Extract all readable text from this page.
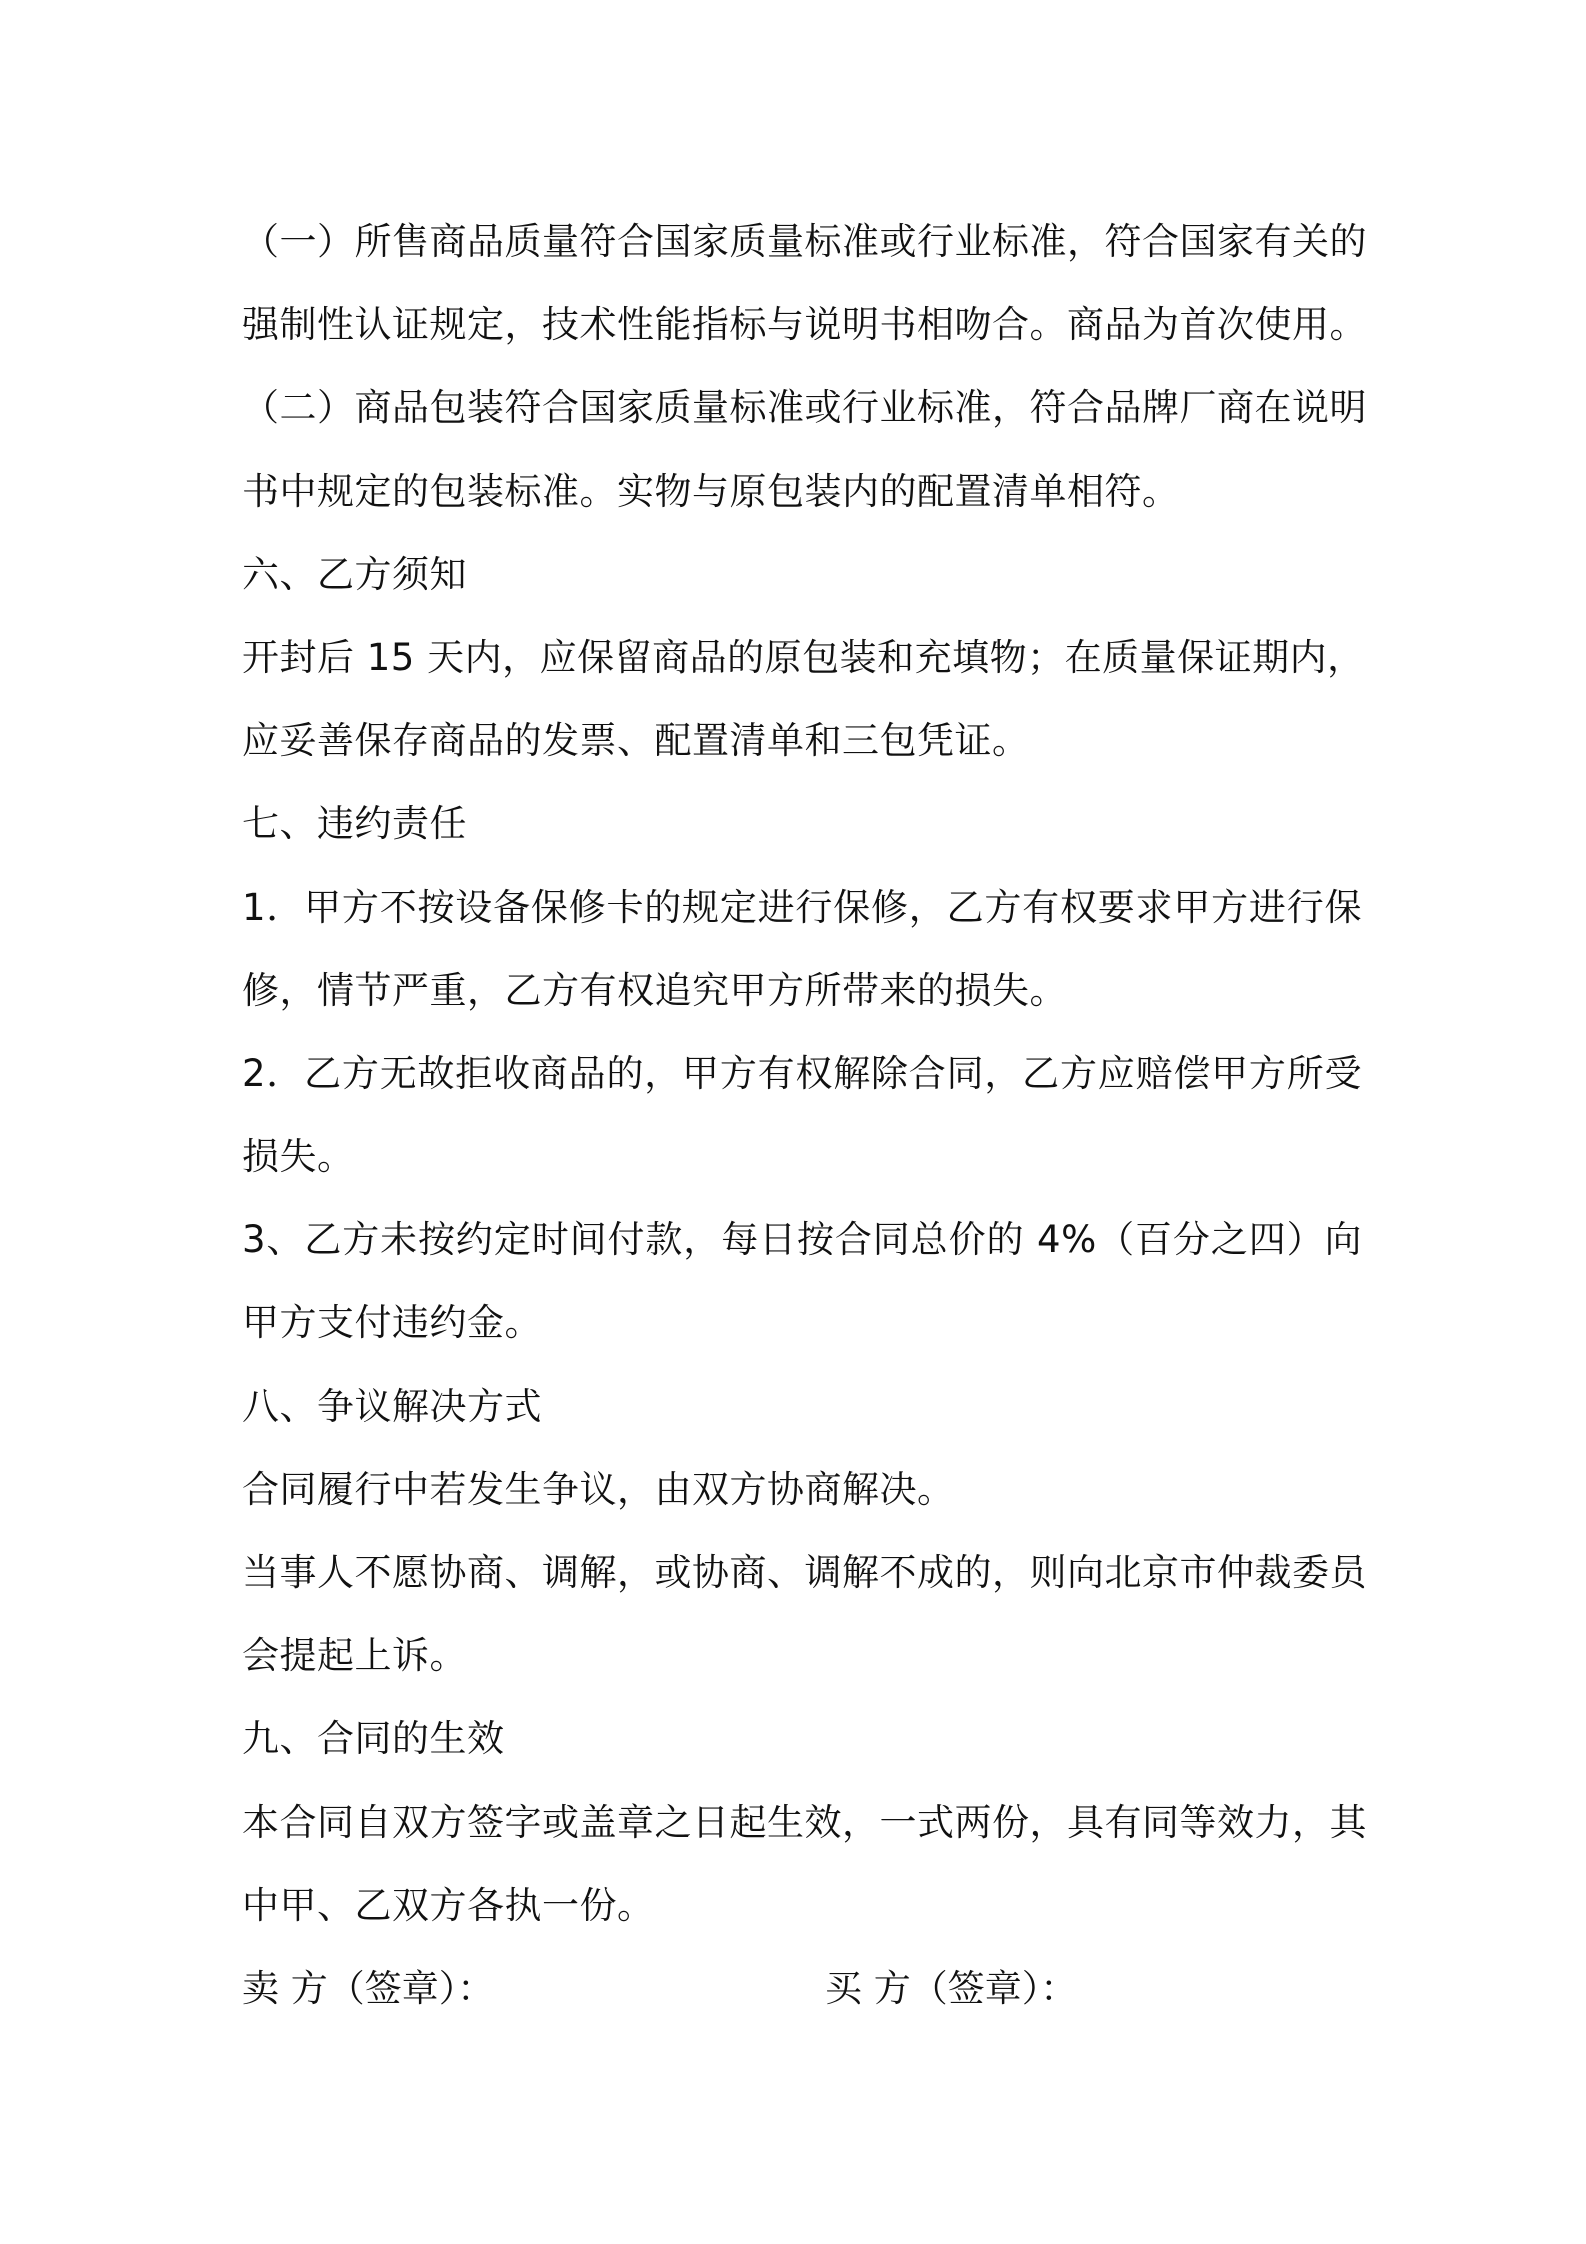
（一）所售商品质量符合国家质量标准或行业标准，符合国家有关的
强制性认证规定，技术性能指标与说明书相吻合。商品为首次使用。
（二）商品包装符合国家质量标准或行业标准，符合品牌厂商在说明
书中规定的包装标准。实物与原包装内的配置清单相符。
六、乙方须知
开封后 15 天内，应保留商品的原包装和充填物；在质量保证期内，
应妥善保存商品的发票、配置清单和三包凭证。
七、违约责任
1．甲方不按设备保修卡的规定进行保修，乙方有权要求甲方进行保
修，情节严重，乙方有权追究甲方所带来的损失。
2．乙方无故拒收商品的，甲方有权解除合同，乙方应赔偿甲方所受
损失。
3、乙方未按约定时间付款，每日按合同总价的 4%（百分之四）向
甲方支付违约金。
八、争议解决方式
合同履行中若发生争议，由双方协商解决。
当事人不愿协商、调解，或协商、调解不成的，则向北京市仲裁委员
会提起上诉。
九、合同的生效
本合同自双方签字或盖章之日起生效，一式两份，具有同等效力，其
中甲、乙双方各执一份。
卖 方（签章）：	买 方（签章）：
